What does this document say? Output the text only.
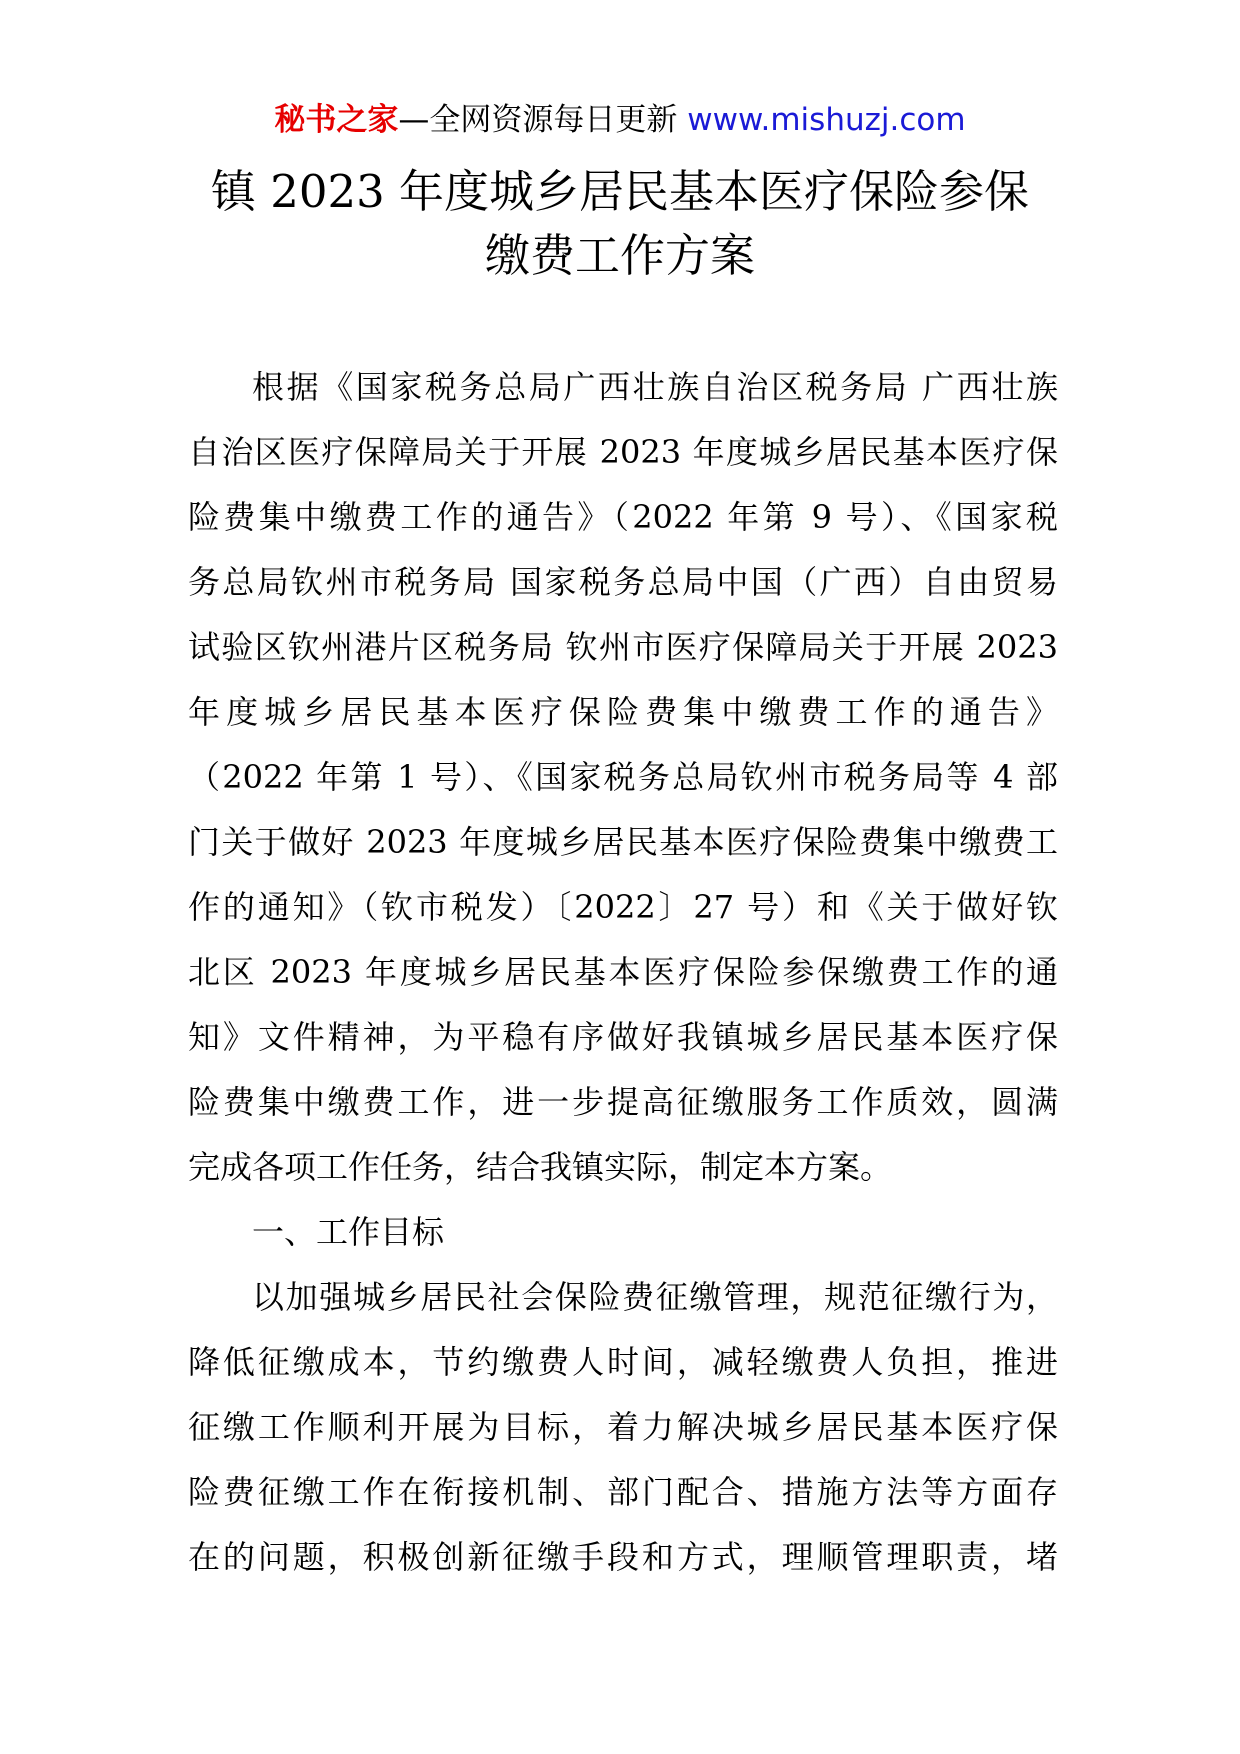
秘书之家—全网资源每日更新 www.mishuzj.com
镇 2023 年度城乡居民基本医疗保险参保
缴费工作方案
根据《国家税务总局广西壮族自治区税务局 广西壮族
自治区医疗保障局关于开展 2023 年度城乡居民基本医疗保
险费集中缴费工作的通告》（2022 年第 9 号）、《国家税
务总局钦州市税务局 国家税务总局中国（广西）自由贸易
试验区钦州港片区税务局 钦州市医疗保障局关于开展 2023
年度城乡居民基本医疗保险费集中缴费工作的通告》
（2022 年第 1 号）、《国家税务总局钦州市税务局等 4 部
门关于做好 2023 年度城乡居民基本医疗保险费集中缴费工
作的通知》（钦市税发）〔2022〕27 号）和《关于做好钦
北区 2023 年度城乡居民基本医疗保险参保缴费工作的通
知》文件精神，为平稳有序做好我镇城乡居民基本医疗保
险费集中缴费工作，进一步提高征缴服务工作质效，圆满
完成各项工作任务，结合我镇实际，制定本方案。
一、工作目标
以加强城乡居民社会保险费征缴管理，规范征缴行为，
降低征缴成本，节约缴费人时间，减轻缴费人负担，推进
征缴工作顺利开展为目标，着力解决城乡居民基本医疗保
险费征缴工作在衔接机制、部门配合、措施方法等方面存
在的问题，积极创新征缴手段和方式，理顺管理职责，堵
